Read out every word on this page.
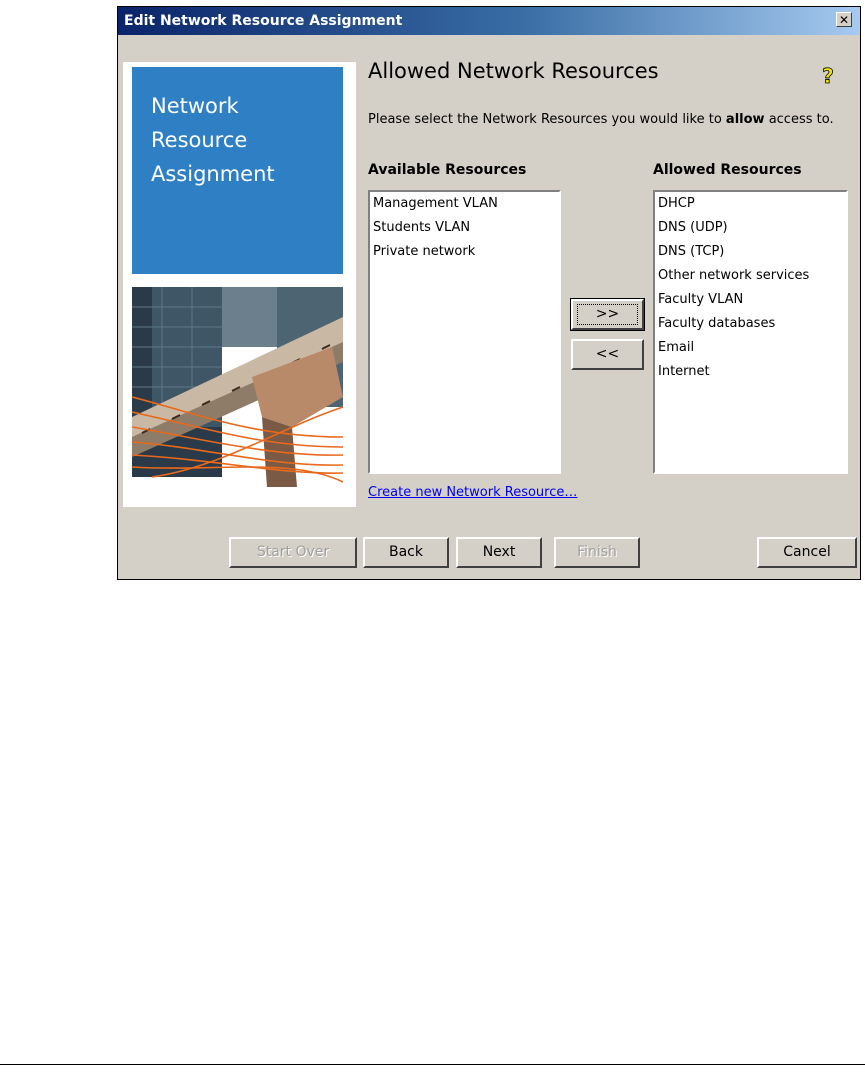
Edit Network Resource Assignment	✕
Network
Resource
Assignment
Allowed Network Resources	?
Please select the Network Resources you would like to allow access to.
Available Resources	Allowed Resources
Management VLAN
Students VLAN
Private network
>>
<<
DHCP
DNS (UDP)
DNS (TCP)
Other network services
Faculty VLAN
Faculty databases
Email
Internet
Create new Network Resource…
Start Over	Back	Next	Finish	Cancel
